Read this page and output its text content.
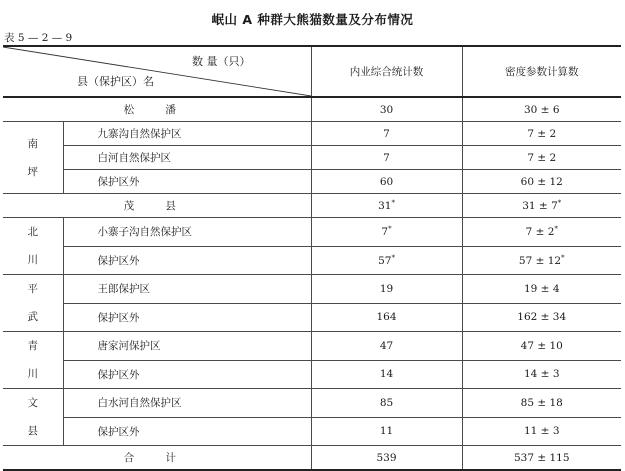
岷山 A 种群大熊猫数量及分布情况
表 5 — 2 — 9
数 量（只）
县（保护区）名		内业综合统计数	密度参数计算数
松 潘		30	30 ± 6

南
坪	九寨沟自然保护区	7	7 ± 2
	白河自然保护区	7	7 ± 2
	保护区外	60	60 ± 12
茂 县		31*	31 ± 7*

北
川	小寨子沟自然保护区	7*	7 ± 2*
	保护区外	57*	57 ± 12*

平
武	王郎保护区	19	19 ± 4
	保护区外	164	162 ± 34

青
川	唐家河保护区	47	47 ± 10
	保护区外	14	14 ± 3

文
县	白水河自然保护区	85	85 ± 18
	保护区外	11	11 ± 3
合 计		539	537 ± 115
